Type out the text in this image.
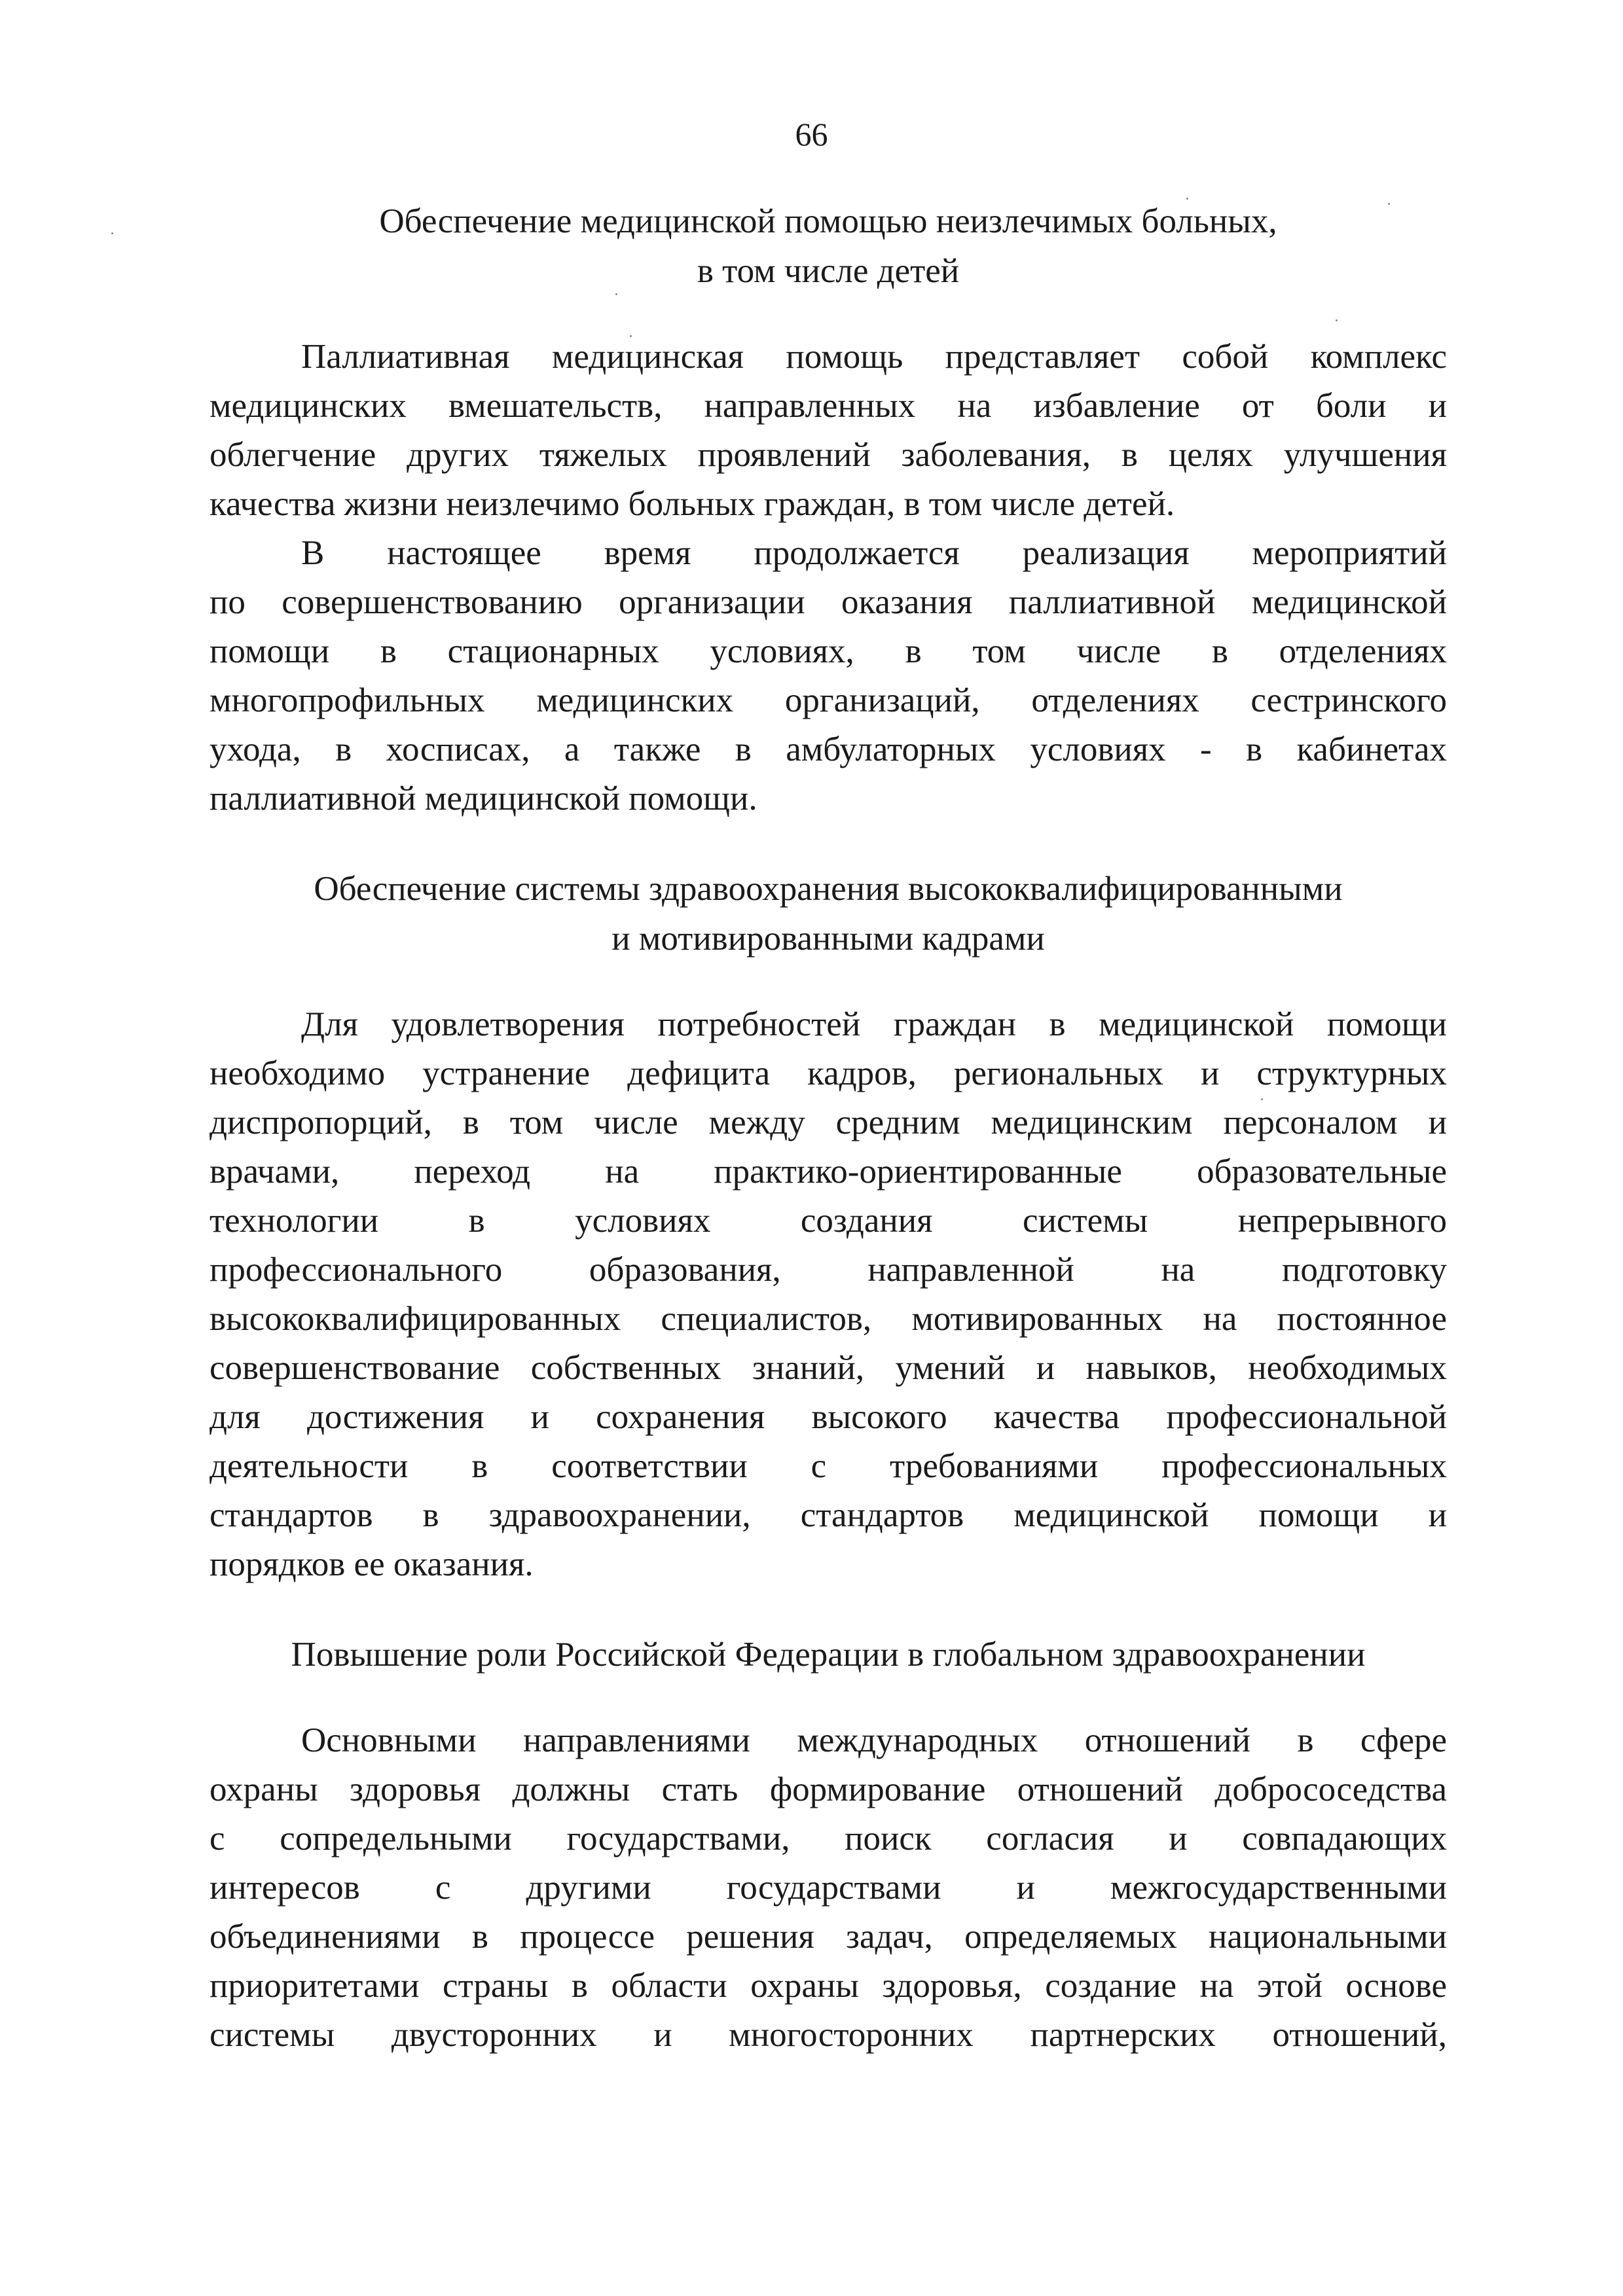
66
Обеспечение медицинской помощью неизлечимых больных,
в том числе детей
Паллиативная медицинская помощь представляет собой комплекс
медицинских вмешательств, направленных на избавление от боли и
облегчение других тяжелых проявлений заболевания, в целях улучшения
качества жизни неизлечимо больных граждан, в том числе детей.
В настоящее время продолжается реализация мероприятий
по совершенствованию организации оказания паллиативной медицинской
помощи в стационарных условиях, в том числе в отделениях
многопрофильных медицинских организаций, отделениях сестринского
ухода, в хосписах, а также в амбулаторных условиях - в кабинетах
паллиативной медицинской помощи.
Обеспечение системы здравоохранения высококвалифицированными
и мотивированными кадрами
Для удовлетворения потребностей граждан в медицинской помощи
необходимо устранение дефицита кадров, региональных и структурных
диспропорций, в том числе между средним медицинским персоналом и
врачами, переход на практико-ориентированные образовательные
технологии в условиях создания системы непрерывного
профессионального образования, направленной на подготовку
высококвалифицированных специалистов, мотивированных на постоянное
совершенствование собственных знаний, умений и навыков, необходимых
для достижения и сохранения высокого качества профессиональной
деятельности в соответствии с требованиями профессиональных
стандартов в здравоохранении, стандартов медицинской помощи и
порядков ее оказания.
Повышение роли Российской Федерации в глобальном здравоохранении
Основными направлениями международных отношений в сфере
охраны здоровья должны стать формирование отношений добрососедства
с сопредельными государствами, поиск согласия и совпадающих
интересов с другими государствами и межгосударственными
объединениями в процессе решения задач, определяемых национальными
приоритетами страны в области охраны здоровья, создание на этой основе
системы двусторонних и многосторонних партнерских отношений,
